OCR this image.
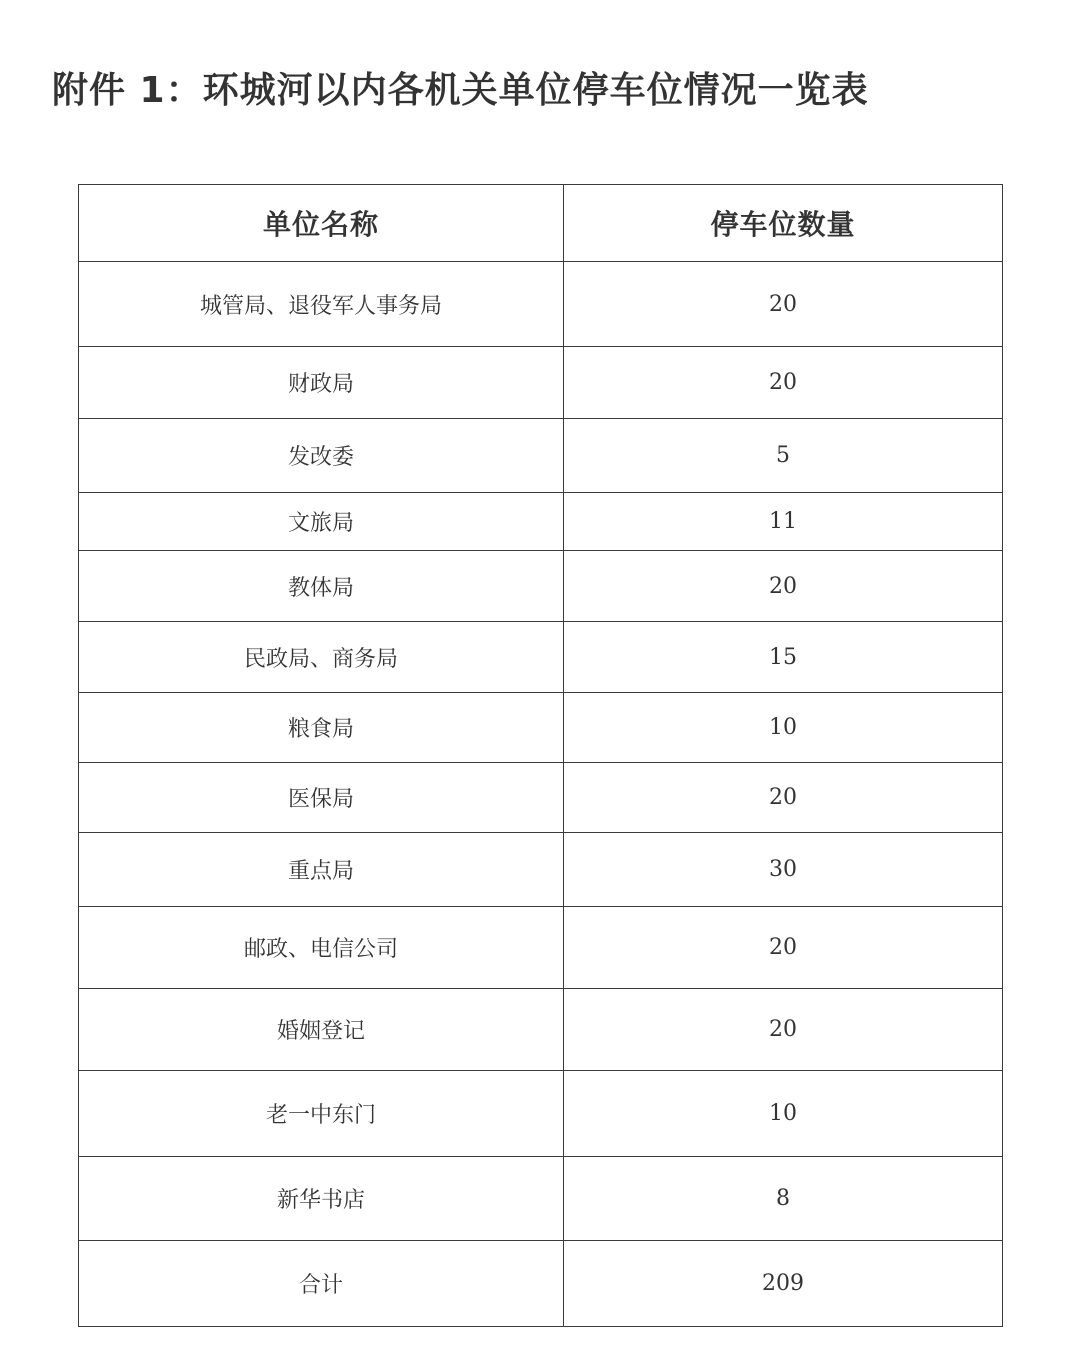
附件 1：环城河以内各机关单位停车位情况一览表
单位名称	停车位数量
城管局、退役军人事务局	20
财政局	20
发改委	5
文旅局	11
教体局	20
民政局、商务局	15
粮食局	10
医保局	20
重点局	30
邮政、电信公司	20
婚姻登记	20
老一中东门	10
新华书店	8
合计	209
